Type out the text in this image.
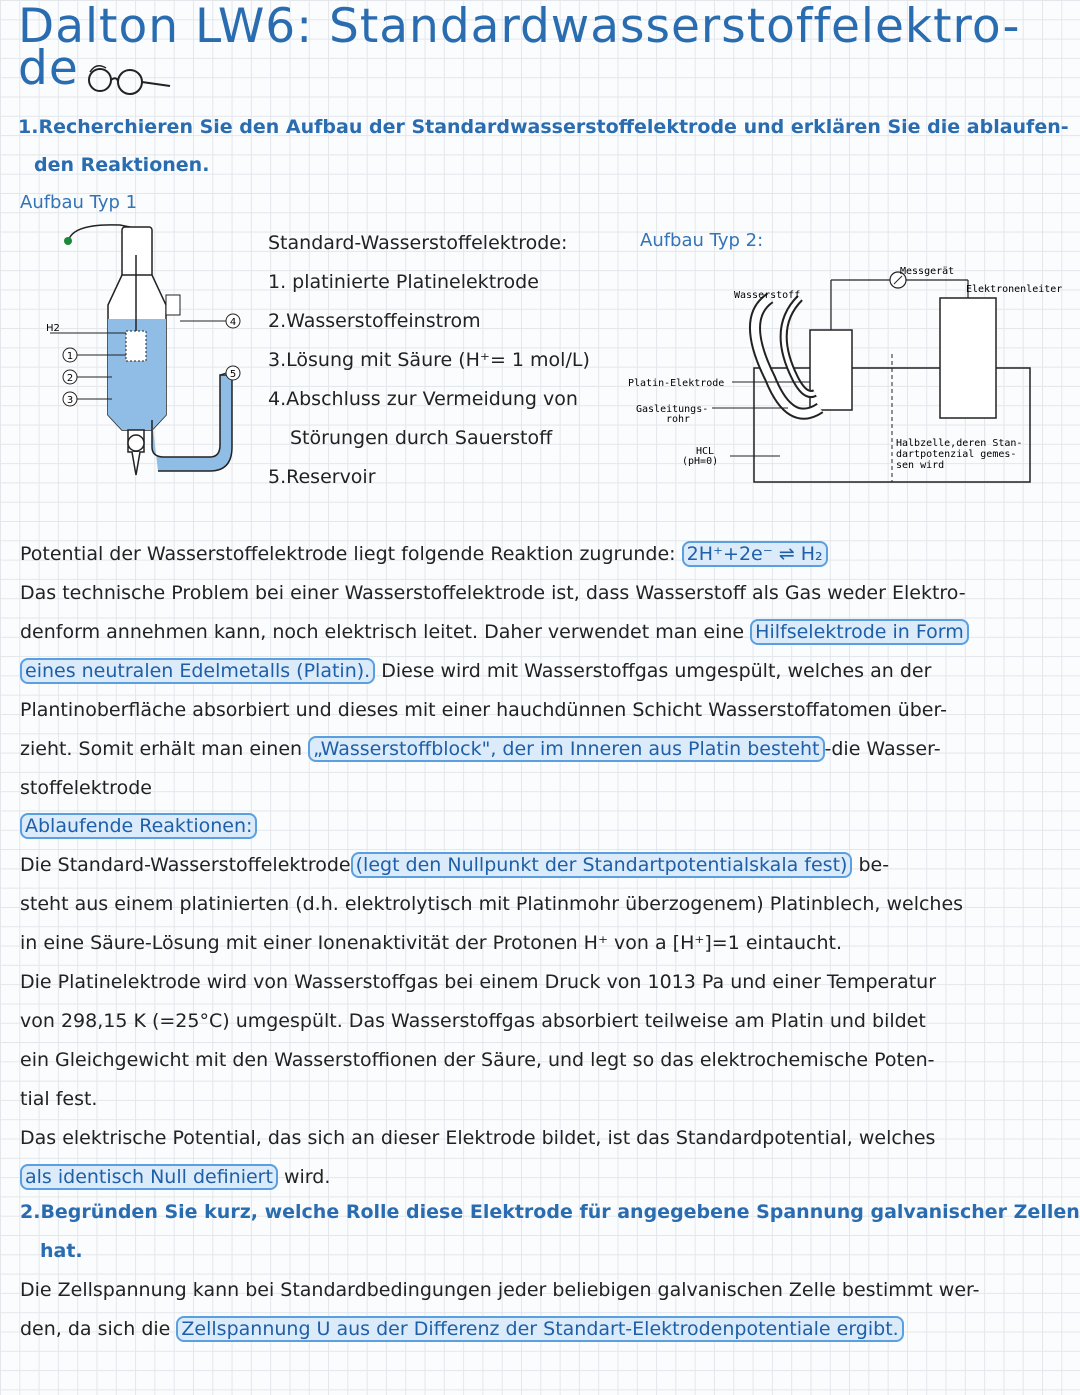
Dalton LW6: Standardwasserstoffelektro-
de
1.Recherchieren Sie den Aufbau der Standardwasserstoffelektrode und erklären Sie die ablaufen-
den Reaktionen.
Aufbau Typ 1
H2
1
2
3
4
5
Standard-Wasserstoffelektrode:
1. platinierte Platinelektrode
2.Wasserstoffeinstrom
3.Lösung mit Säure (H⁺= 1 mol/L)
4.Abschluss zur Vermeidung von
Störungen durch Sauerstoff
5.Reservoir
Aufbau Typ 2:
Messgerät
Elektronenleiter
Wasserstoff
Platin-Elektrode
Gasleitungs-
rohr
HCL
(pH=0)
Halbzelle,deren Stan-
dartpotenzial gemes-
sen wird
Potential der Wasserstoffelektrode liegt folgende Reaktion zugrunde: 2H⁺+2e⁻ ⇌ H₂
Das technische Problem bei einer Wasserstoffelektrode ist, dass Wasserstoff als Gas weder Elektro-
denform annehmen kann, noch elektrisch leitet. Daher verwendet man eine Hilfselektrode in Form
eines neutralen Edelmetalls (Platin). Diese wird mit Wasserstoffgas umgespült, welches an der
Plantinoberfläche absorbiert und dieses mit einer hauchdünnen Schicht Wasserstoffatomen über-
zieht. Somit erhält man einen „Wasserstoffblock", der im Inneren aus Platin besteht -die Wasser-
stoffelektrode
Ablaufende Reaktionen:
Die Standard-Wasserstoffelektrode (legt den Nullpunkt der Standartpotentialskala fest) be-
steht aus einem platinierten (d.h. elektrolytisch mit Platinmohr überzogenem) Platinblech, welches
in eine Säure-Lösung mit einer Ionenaktivität der Protonen H⁺ von a [H⁺]=1 eintaucht.
Die Platinelektrode wird von Wasserstoffgas bei einem Druck von 1013 Pa und einer Temperatur
von 298,15 K (=25°C) umgespült. Das Wasserstoffgas absorbiert teilweise am Platin und bildet
ein Gleichgewicht mit den Wasserstoffionen der Säure, und legt so das elektrochemische Poten-
tial fest.
Das elektrische Potential, das sich an dieser Elektrode bildet, ist das Standardpotential, welches
als identisch Null definiert wird.
2.Begründen Sie kurz, welche Rolle diese Elektrode für angegebene Spannung galvanischer Zellen
hat.
Die Zellspannung kann bei Standardbedingungen jeder beliebigen galvanischen Zelle bestimmt wer-
den, da sich die Zellspannung U aus der Differenz der Standart-Elektrodenpotentiale ergibt.
